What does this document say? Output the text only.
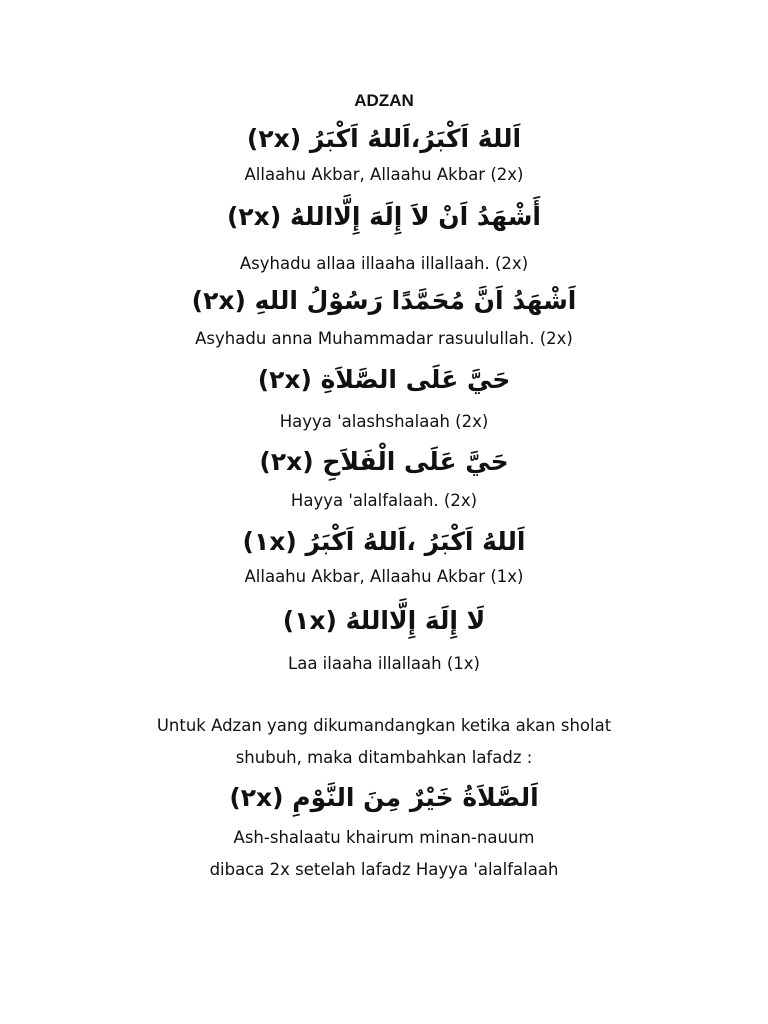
ADZAN
اَللهُ اَكْبَرُ،اَللهُ اَكْبَرُ (٢x)
Allaahu Akbar, Allaahu Akbar (2x)
أَشْهَدُ اَنْ لاَ إِلَهَ إِلَّااللهُ (٢x)
Asyhadu allaa illaaha illallaah. (2x)
اَشْهَدُ اَنَّ مُحَمَّدًا رَسُوْلُ اللهِ (٢x)
Asyhadu anna Muhammadar rasuulullah. (2x)
حَيَّ عَلَى الصَّلاَةِ (٢x)
Hayya 'alashshalaah (2x)
حَيَّ عَلَى الْفَلاَحِ (٢x)
Hayya 'alalfalaah. (2x)
اَللهُ اَكْبَرُ ،اَللهُ اَكْبَرُ (١x)
Allaahu Akbar, Allaahu Akbar (1x)
لَا إِلَهَ إِلَّااللهُ (١x)
Laa ilaaha illallaah (1x)
Untuk Adzan yang dikumandangkan ketika akan sholat
shubuh, maka ditambahkan lafadz :
اَلصَّلاَةُ خَيْرٌ مِنَ النَّوْمِ (٢x)
Ash-shalaatu khairum minan-nauum
dibaca 2x setelah lafadz Hayya 'alalfalaah
